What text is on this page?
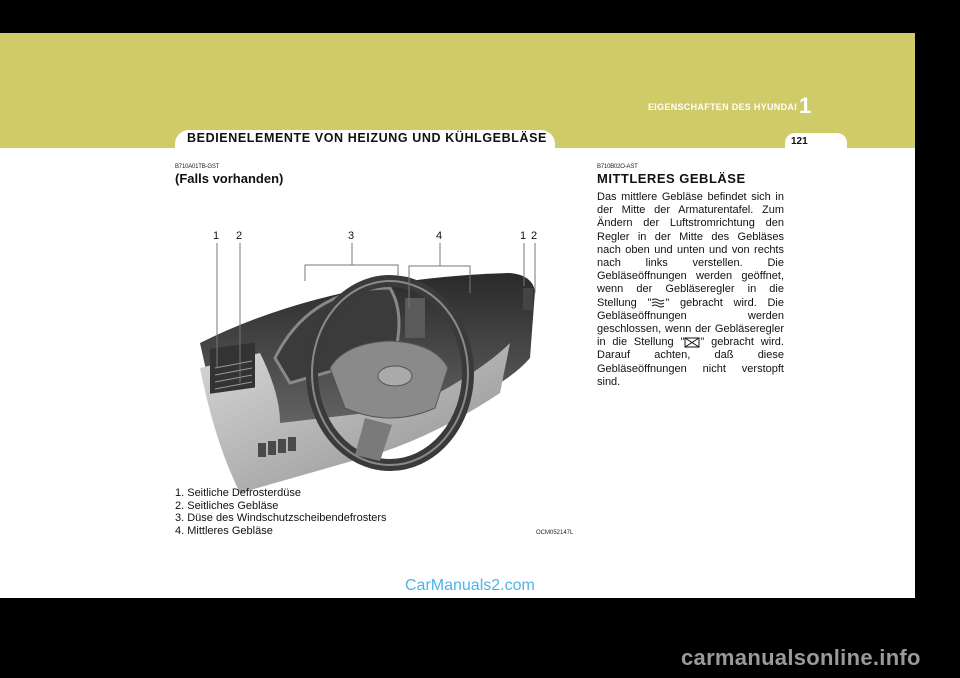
EIGENSCHAFTEN DES HYUNDAI 1
BEDIENELEMENTE VON HEIZUNG UND KÜHLGEBLÄSE	121
B710A01TB-GST
(Falls vorhanden)
1 2	3	4	1 2
1. Seitliche Defrosterdüse
2. Seitliches Gebläse
3. Düse des Windschutzscheibendefrosters
4. Mittleres Gebläse	OCM052147L
B710B02O-AST
MITTLERES GEBLÄSE
Das mittlere Gebläse befindet sich in der Mitte der Armaturentafel. Zum Ändern der Luftstromrichtung den Regler in der Mitte des Gebläses nach oben und unten und von rechts nach links verstellen. Die Gebläseöffnungen werden geöffnet, wenn der Gebläseregler in die Stellung " " gebracht wird. Die Gebläseöffnungen werden geschlossen, wenn der Gebläseregler in die Stellung " " gebracht wird. Darauf achten, daß diese Gebläseöffnungen nicht verstopft sind.
CarManuals2.com
carmanualsonline.info
